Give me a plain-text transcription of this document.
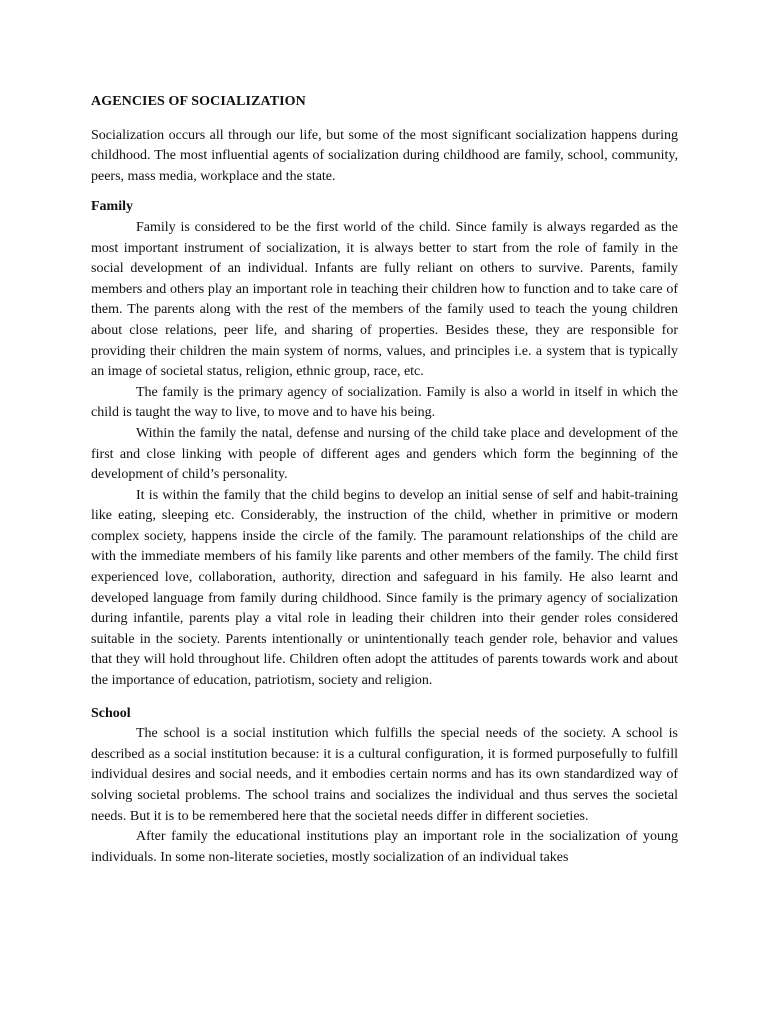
AGENCIES OF SOCIALIZATION

Socialization occurs all through our life, but some of the most significant socialization happens during childhood. The most influential agents of socialization during childhood are family, school, community, peers, mass media, workplace and the state.

Family

Family is considered to be the first world of the child. Since family is always regarded as the most important instrument of socialization, it is always better to start from the role of family in the social development of an individual. Infants are fully reliant on others to survive. Parents, family members and others play an important role in teaching their children how to function and to take care of them. The parents along with the rest of the members of the family used to teach the young children about close relations, peer life, and sharing of properties. Besides these, they are responsible for providing their children the main system of norms, values, and principles i.e. a system that is typically an image of societal status, religion, ethnic group, race, etc.

The family is the primary agency of socialization. Family is also a world in itself in which the child is taught the way to live, to move and to have his being.

Within the family the natal, defense and nursing of the child take place and development of the first and close linking with people of different ages and genders which form the beginning of the development of child’s personality.

It is within the family that the child begins to develop an initial sense of self and habit-training like eating, sleeping etc. Considerably, the instruction of the child, whether in primitive or modern complex society, happens inside the circle of the family. The paramount relationships of the child are with the immediate members of his family like parents and other members of the family. The child first experienced love, collaboration, authority, direction and safeguard in his family. He also learnt and developed language from family during childhood. Since family is the primary agency of socialization during infantile, parents play a vital role in leading their children into their gender roles considered suitable in the society. Parents intentionally or unintentionally teach gender role, behavior and values that they will hold throughout life. Children often adopt the attitudes of parents towards work and about the importance of education, patriotism, society and religion.

School

The school is a social institution which fulfills the special needs of the society. A school is described as a social institution because: it is a cultural configuration, it is formed purposefully to fulfill individual desires and social needs, and it embodies certain norms and has its own standardized way of solving societal problems. The school trains and socializes the individual and thus serves the societal needs. But it is to be remembered here that the societal needs differ in different societies.

After family the educational institutions play an important role in the socialization of young individuals. In some non-literate societies, mostly socialization of an individual takes
